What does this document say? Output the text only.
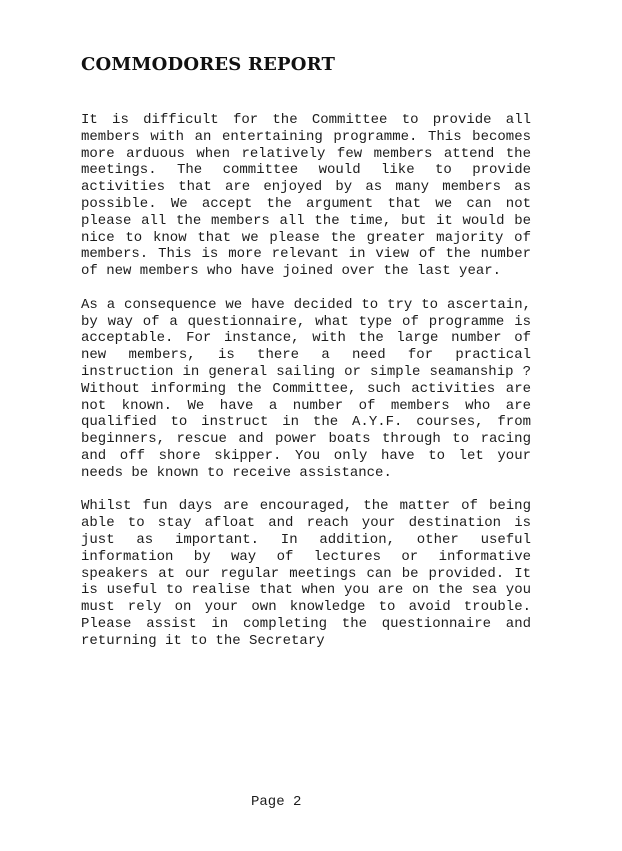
COMMODORES REPORT

It is difficult for the Committee to provide all members with an entertaining programme. This becomes more arduous when relatively few members attend the meetings. The committee would like to provide activities that are enjoyed by as many members as possible. We accept the argument that we can not please all the members all the time, but it would be nice to know that we please the greater majority of members. This is more relevant in view of the number of new members who have joined over the last year.

As a consequence we have decided to try to ascertain, by way of a questionnaire, what type of programme is acceptable. For instance, with the large number of new members, is there a need for practical instruction in general sailing or simple seamanship ? Without informing the Committee, such activities are not known. We have a number of members who are qualified to instruct in the A.Y.F. courses, from beginners, rescue and power boats through to racing and off shore skipper. You only have to let your needs be known to receive assistance.

Whilst fun days are encouraged, the matter of being able to stay afloat and reach your destination is just as important. In addition, other useful information by way of lectures or informative speakers at our regular meetings can be provided. It is useful to realise that when you are on the sea you must rely on your own knowledge to avoid trouble. Please assist in completing the questionnaire and returning it to the Secretary

Page 2
